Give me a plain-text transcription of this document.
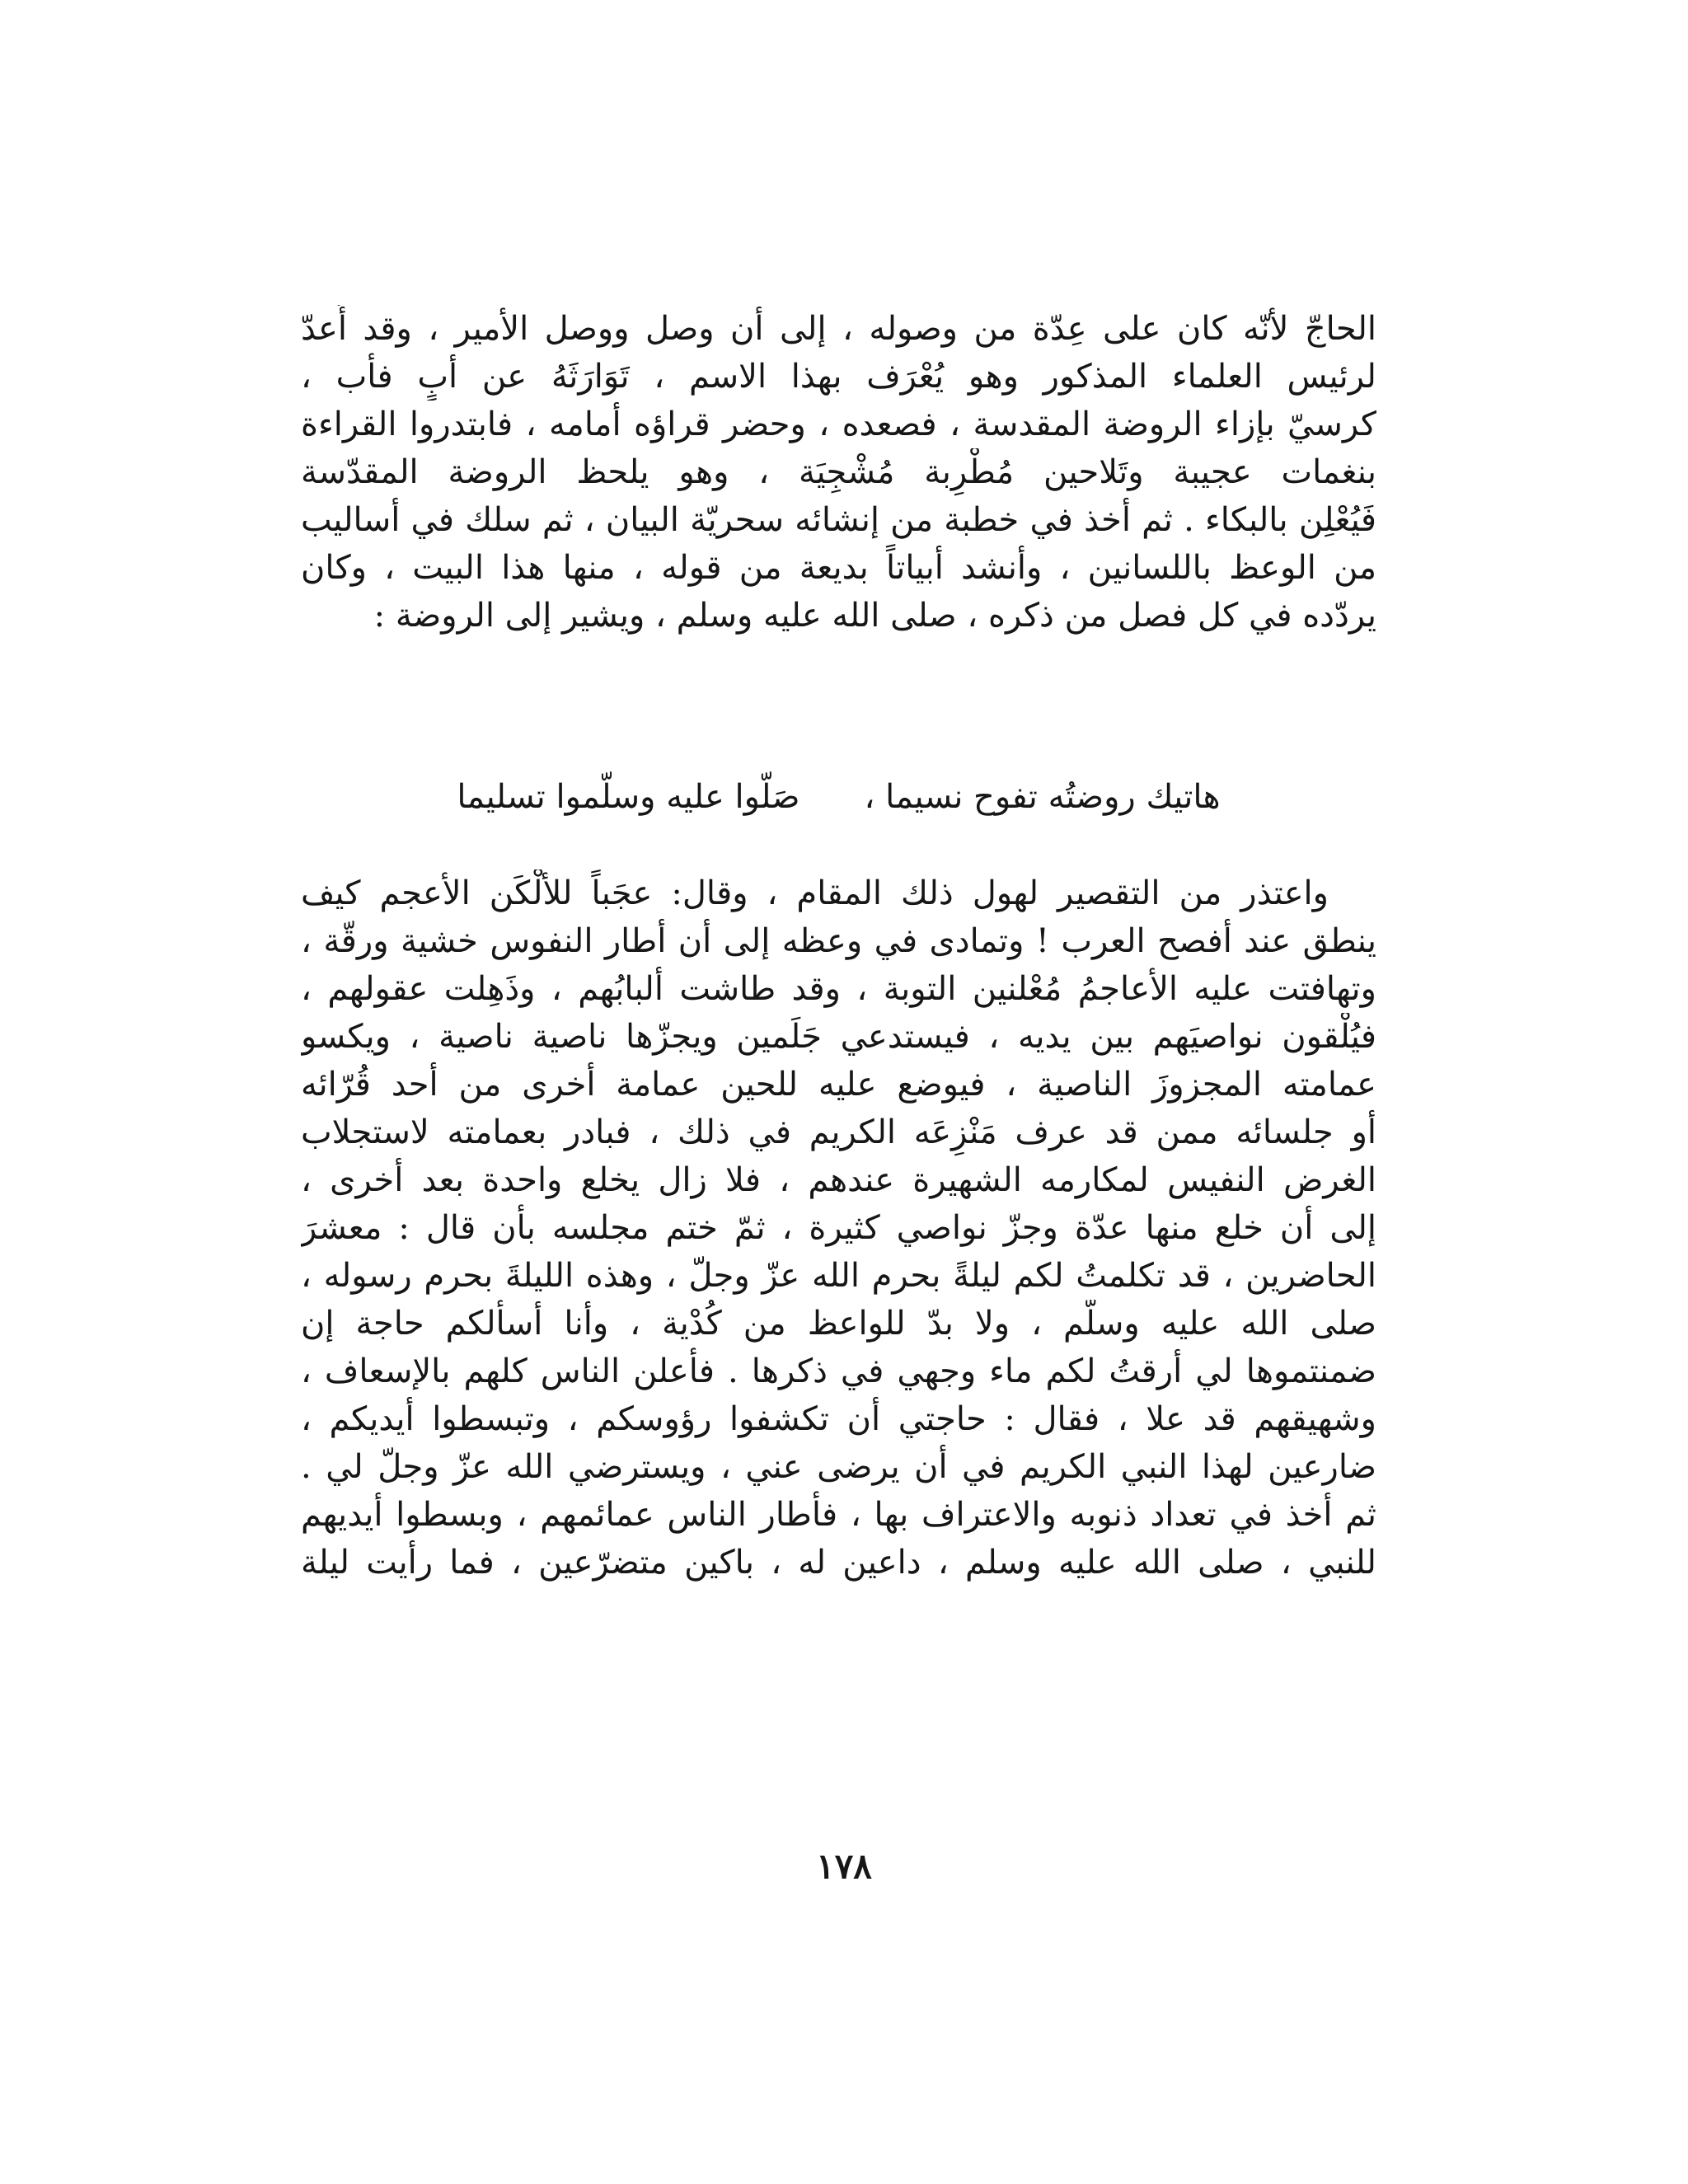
الحاجّ لأنّه كان على عِدّة من وصوله ، إلى أن وصل ووصل الأمير ، وقد أُعدّ
لرئيس العلماء المذكور وهو يُعْرَف بهذا الاسم ، تَوَارَثَهُ عن أبٍ فأب ،
كرسيّ بإزاء الروضة المقدسة ، فصعده ، وحضر قراؤه أمامه ، فابتدروا القراءة
بنغمات عجيبة وتَلاحين مُطْرِبة مُشْجِيَة ، وهو يلحظ الروضة المقدّسة
فَيُعْلِن بالبكاء . ثم أخذ في خطبة من إنشائه سحريّة البيان ، ثم سلك في أساليب
من الوعظ باللسانين ، وأنشد أبياتاً بديعة من قوله ، منها هذا البيت ، وكان
يردّده في كل فصل من ذكره ، صلى الله عليه وسلم ، ويشير إلى الروضة :
هاتيك روضتُه تفوح نسيما ،صَلّوا عليه وسلّموا تسليما
واعتذر من التقصير لهول ذلك المقام ، وقال: عجَباً للألْكَن الأعجم كيف
ينطق عند أفصح العرب ! وتمادى في وعظه إلى أن أطار النفوس خشية ورقّة ،
وتهافتت عليه الأعاجمُ مُعْلنين التوبة ، وقد طاشت ألبابُهم ، وذَهِلت عقولهم ،
فيُلْقون نواصيَهم بين يديه ، فيستدعي جَلَمين ويجزّها ناصية ناصية ، ويكسو
عمامته المجزوزَ الناصية ، فيوضع عليه للحين عمامة أخرى من أحد قُرّائه
أو جلسائه ممن قد عرف مَنْزِعَه الكريم في ذلك ، فبادر بعمامته لاستجلاب
الغرض النفيس لمكارمه الشهيرة عندهم ، فلا زال يخلع واحدة بعد أخرى ،
إلى أن خلع منها عدّة وجزّ نواصي كثيرة ، ثمّ ختم مجلسه بأن قال : معشرَ
الحاضرين ، قد تكلمتُ لكم ليلةً بحرم الله عزّ وجلّ ، وهذه الليلةَ بحرم رسوله ،
صلى الله عليه وسلّم ، ولا بدّ للواعظ من كُدْية ، وأنا أسألكم حاجة إن
ضمنتموها لي أرقتُ لكم ماء وجهي في ذكرها . فأعلن الناس كلهم بالإسعاف ،
وشهيقهم قد علا ، فقال : حاجتي أن تكشفوا رؤوسكم ، وتبسطوا أيديكم ،
ضارعين لهذا النبي الكريم في أن يرضى عني ، ويسترضي الله عزّ وجلّ لي .
ثم أخذ في تعداد ذنوبه والاعتراف بها ، فأطار الناس عمائمهم ، وبسطوا أيديهم
للنبي ، صلى الله عليه وسلم ، داعين له ، باكين متضرّعين ، فما رأيت ليلة
١٧٨
